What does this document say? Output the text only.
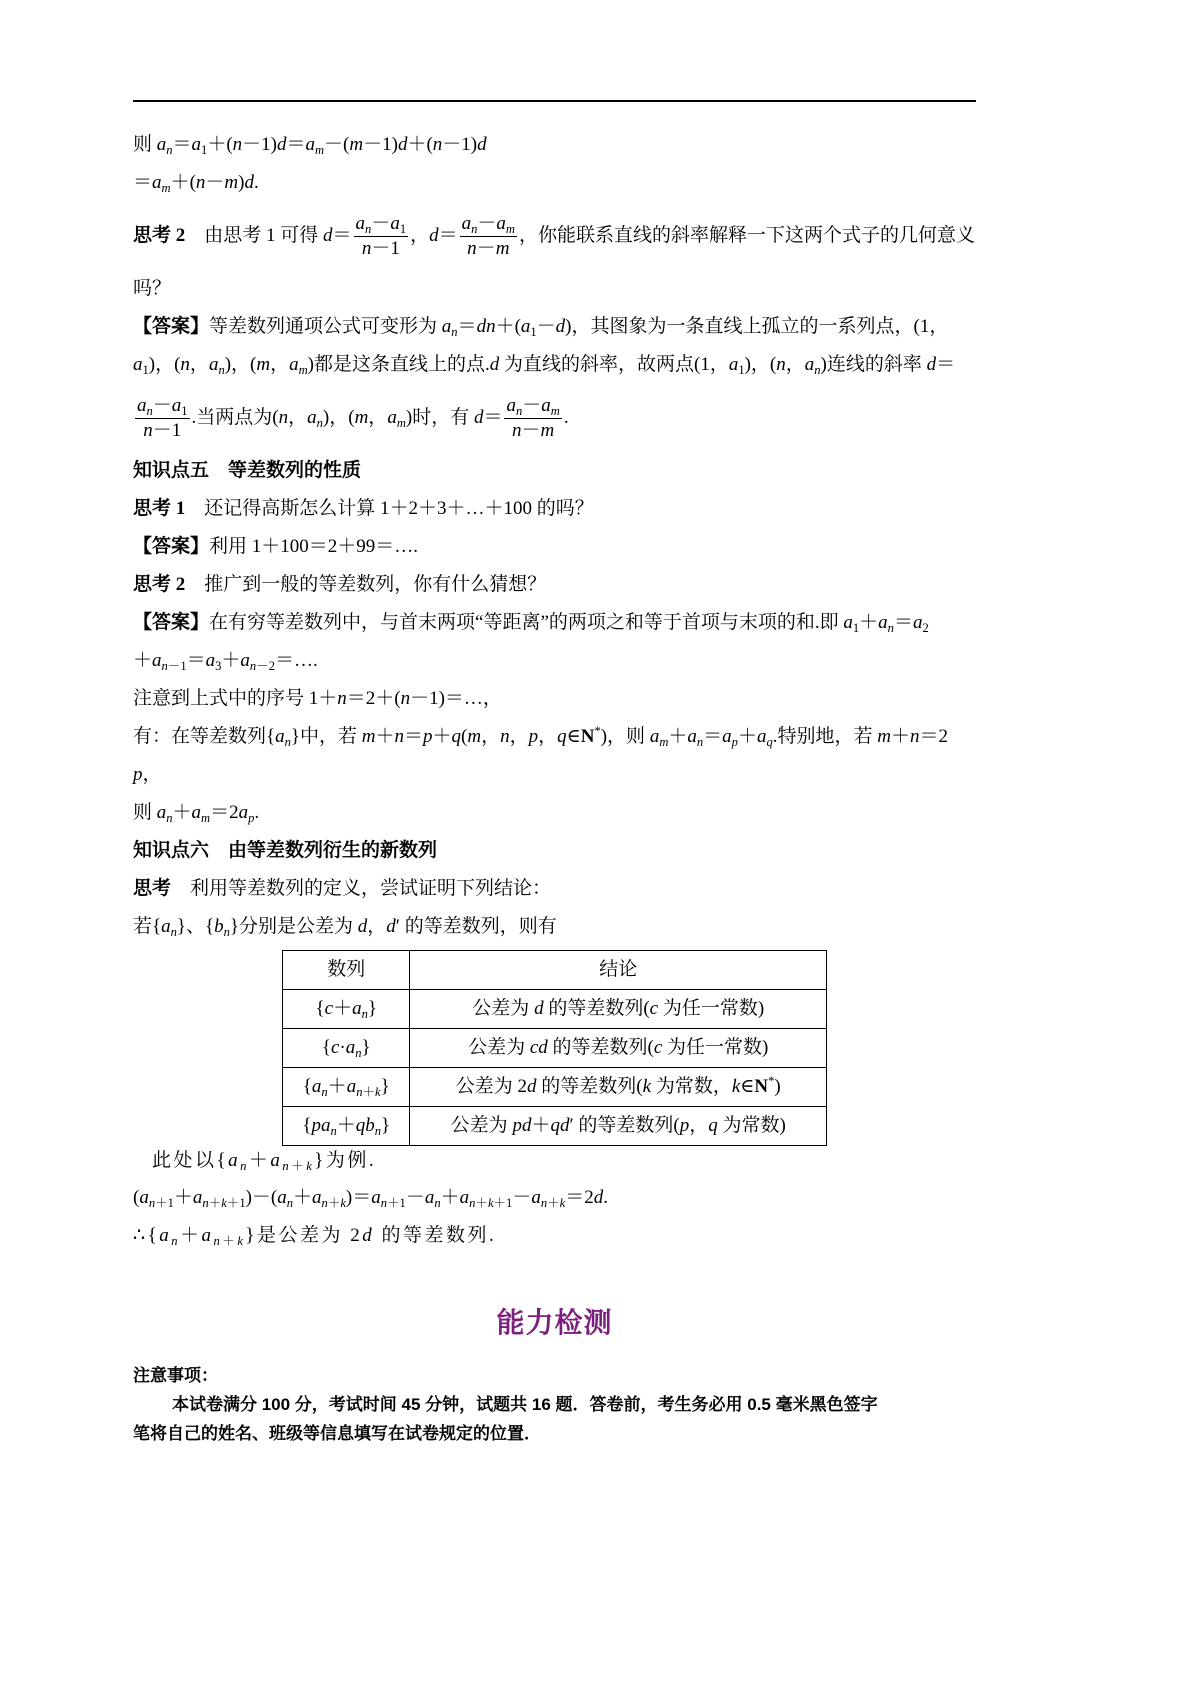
则 $a_n=a_1+(n-1)d=a_m-(m-1)d+(n-1)d$
$=a_m+(n-m)d$.
思考 2　由思考 1 可得 $d= \frac{a_n-a_1}{n-1}$ ，$d= \frac{a_n-a_m}{n-m}$ ，你能联系直线的斜率解释一下这两个式子的几何意义
吗？
【答案】等差数列通项公式可变形为 $a_n=dn+(a_1-d)$，其图象为一条直线上孤立的一系列点，(1，
$a_1$)，(n，$a_n$)，(m，$a_m$)都是这条直线上的点.d 为直线的斜率，故两点(1，$a_1$)，(n，$a_n$)连线的斜率 d＝
$\frac{a_n-a_1}{n-1}$ .当两点为(n，$a_n$)，(m，$a_m$)时，有 $d= \frac{a_n-a_m}{n-m}$ .
知识点五　等差数列的性质
思考 1　还记得高斯怎么计算 1＋2＋3＋…＋100 的吗？
【答案】利用 1＋100＝2＋99＝….
思考 2　推广到一般的等差数列，你有什么猜想？
【答案】在有穷等差数列中，与首末两项“等距离”的两项之和等于首项与末项的和.即 $a_1+a_n=a_2$
$+a_{n-1}=a_3+a_{n-2}=\dots$.
注意到上式中的序号 1＋n＝2＋(n－1)＝…，
有：在等差数列$\{a_n\}$中，若 m＋n＝p＋q(m，n，p，q∈N*)，则 $a_m+a_n=a_p+a_q$.特别地，若 m＋n＝2p，
则 $a_n+a_m=2a_p$.
知识点六　由等差数列衍生的新数列
思考　利用等差数列的定义，尝试证明下列结论：
若$\{a_n\}$、$\{b_n\}$分别是公差为 d，d′ 的等差数列，则有
数列	结论
$\{c+a_n\}$	公差为 d 的等差数列(c 为任一常数)
$\{c\cdot a_n\}$	公差为 cd 的等差数列(c 为任一常数)
$\{a_n+a_{n+k}\}$	公差为 2d 的等差数列(k 为常数，k∈N*)
$\{pa_n+qb_n\}$	公差为 pd＋qd′ 的等差数列(p，q 为常数)
此处以$\{a_n+a_{n+k}\}$为例.
$(a_{n+1}+a_{n+k+1})-(a_n+a_{n+k})=a_{n+1}-a_n+a_{n+k+1}-a_{n+k}=2d$.
$\therefore\{a_n+a_{n+k}\}$是公差为 2d 的等差数列.
能力检测
注意事项：
本试卷满分 100 分，考试时间 45 分钟，试题共 16 题．答卷前，考生务必用 0.5 毫米黑色签字
笔将自己的姓名、班级等信息填写在试卷规定的位置．
